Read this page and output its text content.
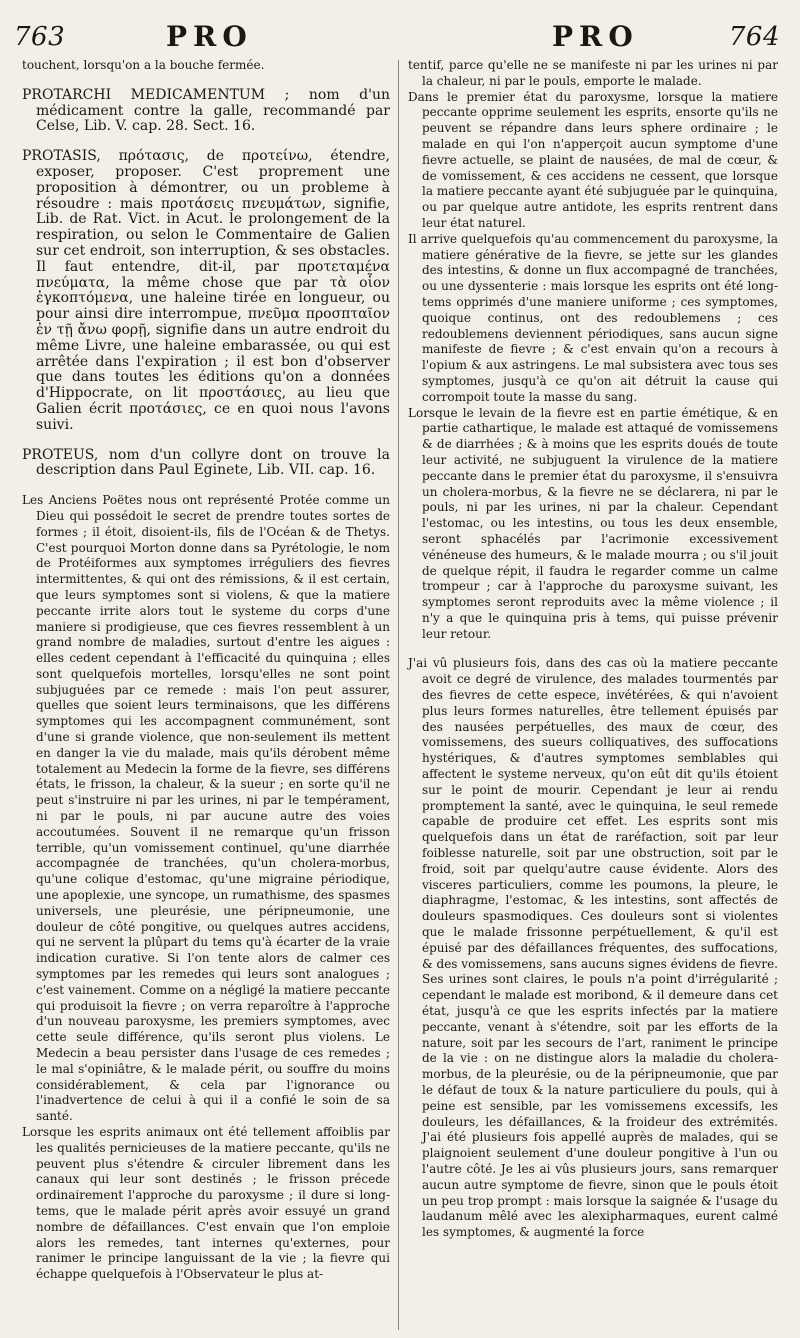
763	PRO	PRO	764

touchent, lorsqu'on a la bouche fermée.

PROTARCHI MEDICAMENTUM ; nom d'un médicament contre la galle, recommandé par Celse, Lib. V. cap. 28. Sect. 16.

PROTASIS, πρότασις, de προτείνω, étendre, exposer, proposer. C'est proprement une proposition à démontrer, ou un probleme à résoudre : mais προτάσεις πνευμάτων, signifie, Lib. de Rat. Vict. in Acut. le prolongement de la respiration, ou selon le Commentaire de Galien sur cet endroit, son interruption, & ses obstacles. Il faut entendre, dit-il, par προτεταμένα πνεύματα, la même chose que par τὰ οἷον ἐγκοπτόμενα, une haleine tirée en longueur, ou pour ainsi dire interrompue, πνεῦμα προσπταῖον ἐν τῇ ἄνω φορῇ, signifie dans un autre endroit du même Livre, une haleine embarassée, ou qui est arrêtée dans l'expiration ; il est bon d'observer que dans toutes les éditions qu'on a données d'Hippocrate, on lit προστάσιες, au lieu que Galien écrit προτάσιες, ce en quoi nous l'avons suivi.

PROTEUS, nom d'un collyre dont on trouve la description dans Paul Eginete, Lib. VII. cap. 16.

Les Anciens Poëtes nous ont représenté Protée comme un Dieu qui possédoit le secret de prendre toutes sortes de formes ; il étoit, disoient-ils, fils de l'Océan & de Thetys. C'est pourquoi Morton donne dans sa Pyrétologie, le nom de Protéiformes aux symptomes irréguliers des fievres intermittentes, & qui ont des rémissions, & il est certain, que leurs symptomes sont si violens, & que la matiere peccante irrite alors tout le systeme du corps d'une maniere si prodigieuse, que ces fievres ressemblent à un grand nombre de maladies, surtout d'entre les aigues : elles cedent cependant à l'efficacité du quinquina ; elles sont quelquefois mortelles, lorsqu'elles ne sont point subjuguées par ce remede : mais l'on peut assurer, quelles que soient leurs terminaisons, que les différens symptomes qui les accompagnent communément, sont d'une si grande violence, que non-seulement ils mettent en danger la vie du malade, mais qu'ils dérobent même totalement au Medecin la forme de la fievre, ses différens états, le frisson, la chaleur, & la sueur ; en sorte qu'il ne peut s'instruire ni par les urines, ni par le tempérament, ni par le pouls, ni par aucune autre des voies accoutumées. Souvent il ne remarque qu'un frisson terrible, qu'un vomissement continuel, qu'une diarrhée accompagnée de tranchées, qu'un cholera-morbus, qu'une colique d'estomac, qu'une migraine périodique, une apoplexie, une syncope, un rumathisme, des spasmes universels, une pleurésie, une péripneumonie, une douleur de côté pongitive, ou quelques autres accidens, qui ne servent la plûpart du tems qu'à écarter de la vraie indication curative. Si l'on tente alors de calmer ces symptomes par les remedes qui leurs sont analogues ; c'est vainement. Comme on a négligé la matiere peccante qui produisoit la fievre ; on verra reparoître à l'approche d'un nouveau paroxysme, les premiers symptomes, avec cette seule différence, qu'ils seront plus violens. Le Medecin a beau persister dans l'usage de ces remedes ; le mal s'opiniâtre, & le malade périt, ou souffre du moins considérablement, & cela par l'ignorance ou l'inadvertence de celui à qui il a confié le soin de sa santé.

Lorsque les esprits animaux ont été tellement affoiblis par les qualités pernicieuses de la matiere peccante, qu'ils ne peuvent plus s'étendre & circuler librement dans les canaux qui leur sont destinés ; le frisson précede ordinairement l'approche du paroxysme ; il dure si long-tems, que le malade périt après avoir essuyé un grand nombre de défaillances. C'est envain que l'on emploie alors les remedes, tant internes qu'externes, pour ranimer le principe languissant de la vie ; la fievre qui échappe quelquefois à l'Observateur le plus at-

tentif, parce qu'elle ne se manifeste ni par les urines ni par la chaleur, ni par le pouls, emporte le malade.

Dans le premier état du paroxysme, lorsque la matiere peccante opprime seulement les esprits, ensorte qu'ils ne peuvent se répandre dans leurs sphere ordinaire ; le malade en qui l'on n'apperçoit aucun symptome d'une fievre actuelle, se plaint de nausées, de mal de cœur, & de vomissement, & ces accidens ne cessent, que lorsque la matiere peccante ayant été subjuguée par le quinquina, ou par quelque autre antidote, les esprits rentrent dans leur état naturel.

Il arrive quelquefois qu'au commencement du paroxysme, la matiere générative de la fievre, se jette sur les glandes des intestins, & donne un flux accompagné de tranchées, ou une dyssenterie : mais lorsque les esprits ont été long-tems opprimés d'une maniere uniforme ; ces symptomes, quoique continus, ont des redoublemens ; ces redoublemens deviennent périodiques, sans aucun signe manifeste de fievre ; & c'est envain qu'on a recours à l'opium & aux astringens. Le mal subsistera avec tous ses symptomes, jusqu'à ce qu'on ait détruit la cause qui corrompoit toute la masse du sang.

Lorsque le levain de la fievre est en partie émétique, & en partie cathartique, le malade est attaqué de vomissemens & de diarrhées ; & à moins que les esprits doués de toute leur activité, ne subjuguent la virulence de la matiere peccante dans le premier état du paroxysme, il s'ensuivra un cholera-morbus, & la fievre ne se déclarera, ni par le pouls, ni par les urines, ni par la chaleur. Cependant l'estomac, ou les intestins, ou tous les deux ensemble, seront sphacélés par l'acrimonie excessivement vénéneuse des humeurs, & le malade mourra ; ou s'il jouit de quelque répit, il faudra le regarder comme un calme trompeur ; car à l'approche du paroxysme suivant, les symptomes seront reproduits avec la même violence ; il n'y a que le quinquina pris à tems, qui puisse prévenir leur retour.

J'ai vû plusieurs fois, dans des cas où la matiere peccante avoit ce degré de virulence, des malades tourmentés par des fievres de cette espece, invétérées, & qui n'avoient plus leurs formes naturelles, être tellement épuisés par des nausées perpétuelles, des maux de cœur, des vomissemens, des sueurs colliquatives, des suffocations hystériques, & d'autres symptomes semblables qui affectent le systeme nerveux, qu'on eût dit qu'ils étoient sur le point de mourir. Cependant je leur ai rendu promptement la santé, avec le quinquina, le seul remede capable de produire cet effet. Les esprits sont mis quelquefois dans un état de raréfaction, soit par leur foiblesse naturelle, soit par une obstruction, soit par le froid, soit par quelqu'autre cause évidente. Alors des visceres particuliers, comme les poumons, la pleure, le diaphragme, l'estomac, & les intestins, sont affectés de douleurs spasmodiques. Ces douleurs sont si violentes que le malade frissonne perpétuellement, & qu'il est épuisé par des défaillances fréquentes, des suffocations, & des vomissemens, sans aucuns signes évidens de fievre. Ses urines sont claires, le pouls n'a point d'irrégularité ; cependant le malade est moribond, & il demeure dans cet état, jusqu'à ce que les esprits infectés par la matiere peccante, venant à s'étendre, soit par les efforts de la nature, soit par les secours de l'art, raniment le principe de la vie : on ne distingue alors la maladie du cholera-morbus, de la pleurésie, ou de la péripneumonie, que par le défaut de toux & la nature particuliere du pouls, qui à peine est sensible, par les vomissemens excessifs, les douleurs, les défaillances, & la froideur des extrémités. J'ai été plusieurs fois appellé auprès de malades, qui se plaignoient seulement d'une douleur pongitive à l'un ou l'autre côté. Je les ai vûs plusieurs jours, sans remarquer aucun autre symptome de fievre, sinon que le pouls étoit un peu trop prompt : mais lorsque la saignée & l'usage du laudanum mêlé avec les alexipharmaques, eurent calmé les symptomes, & augmenté la force
